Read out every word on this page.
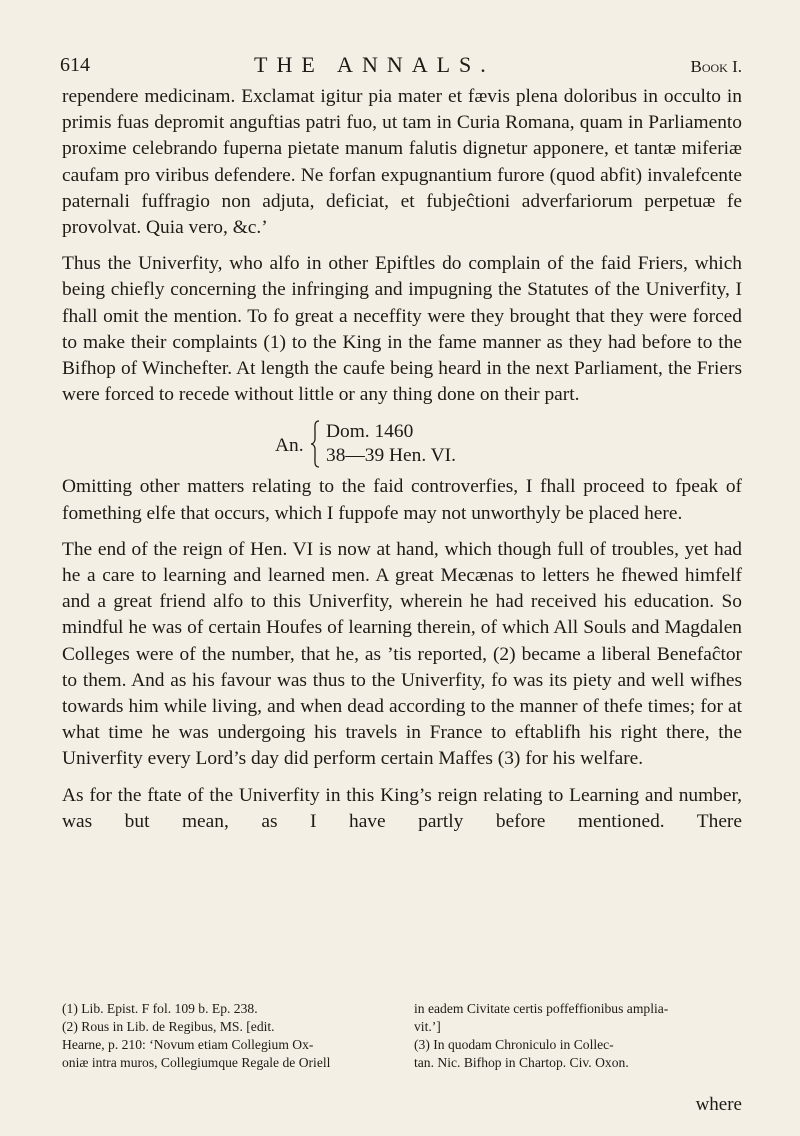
614	THE ANNALS.	Book I.

rependere medicinam. Exclamat igitur pia mater et fævis plena doloribus in occulto in primis fuas depromit anguftias patri fuo, ut tam in Curia Romana, quam in Parliamento proxime celebrando fuperna pietate manum falutis dignetur apponere, et tantæ miferiæ caufam pro viribus defendere. Ne forfan expugnantium furore (quod abfit) invalefcente paternali fuffragio non adjuta, deficiat, et fubjeĉtioni adverfariorum perpetuæ fe provolvat. Quia vero, &c.’

Thus the Univerfity, who alfo in other Epiftles do complain of the faid Friers, which being chiefly concerning the infringing and impugning the Statutes of the Univerfity, I fhall omit the mention. To fo great a neceffity were they brought that they were forced to make their complaints (1) to the King in the fame manner as they had before to the Bifhop of Winchefter. At length the caufe being heard in the next Parliament, the Friers were forced to recede without little or any thing done on their part.

An.
Dom. 1460
38—39 Hen. VI.

Omitting other matters relating to the faid controverfies, I fhall proceed to fpeak of fomething elfe that occurs, which I fuppofe may not unworthyly be placed here.

The end of the reign of Hen. VI is now at hand, which though full of troubles, yet had he a care to learning and learned men. A great Mecænas to letters he fhewed himfelf and a great friend alfo to this Univerfity, wherein he had received his education. So mindful he was of certain Houfes of learning therein, of which All Souls and Magdalen Colleges were of the number, that he, as ’tis reported, (2) became a liberal Benefaĉtor to them. And as his favour was thus to the Univerfity, fo was its piety and well wifhes towards him while living, and when dead according to the manner of thefe times; for at what time he was undergoing his travels in France to eftablifh his right there, the Univerfity every Lord’s day did perform certain Maffes (3) for his welfare.

As for the ftate of the Univerfity in this King’s reign relating to Learning and number, was but mean, as I have partly before mentioned. There

(1) Lib. Epist. F fol. 109 b. Ep. 238.
(2) Rous in Lib. de Regibus, MS. [edit.
Hearne, p. 210: ‘Novum etiam Collegium Ox-
oniæ intra muros, Collegiumque Regale de Oriell
in eadem Civitate certis poffeffionibus amplia-
vit.’]
(3) In quodam Chroniculo in Collec-
tan. Nic. Bifhop in Chartop. Civ. Oxon.
where
